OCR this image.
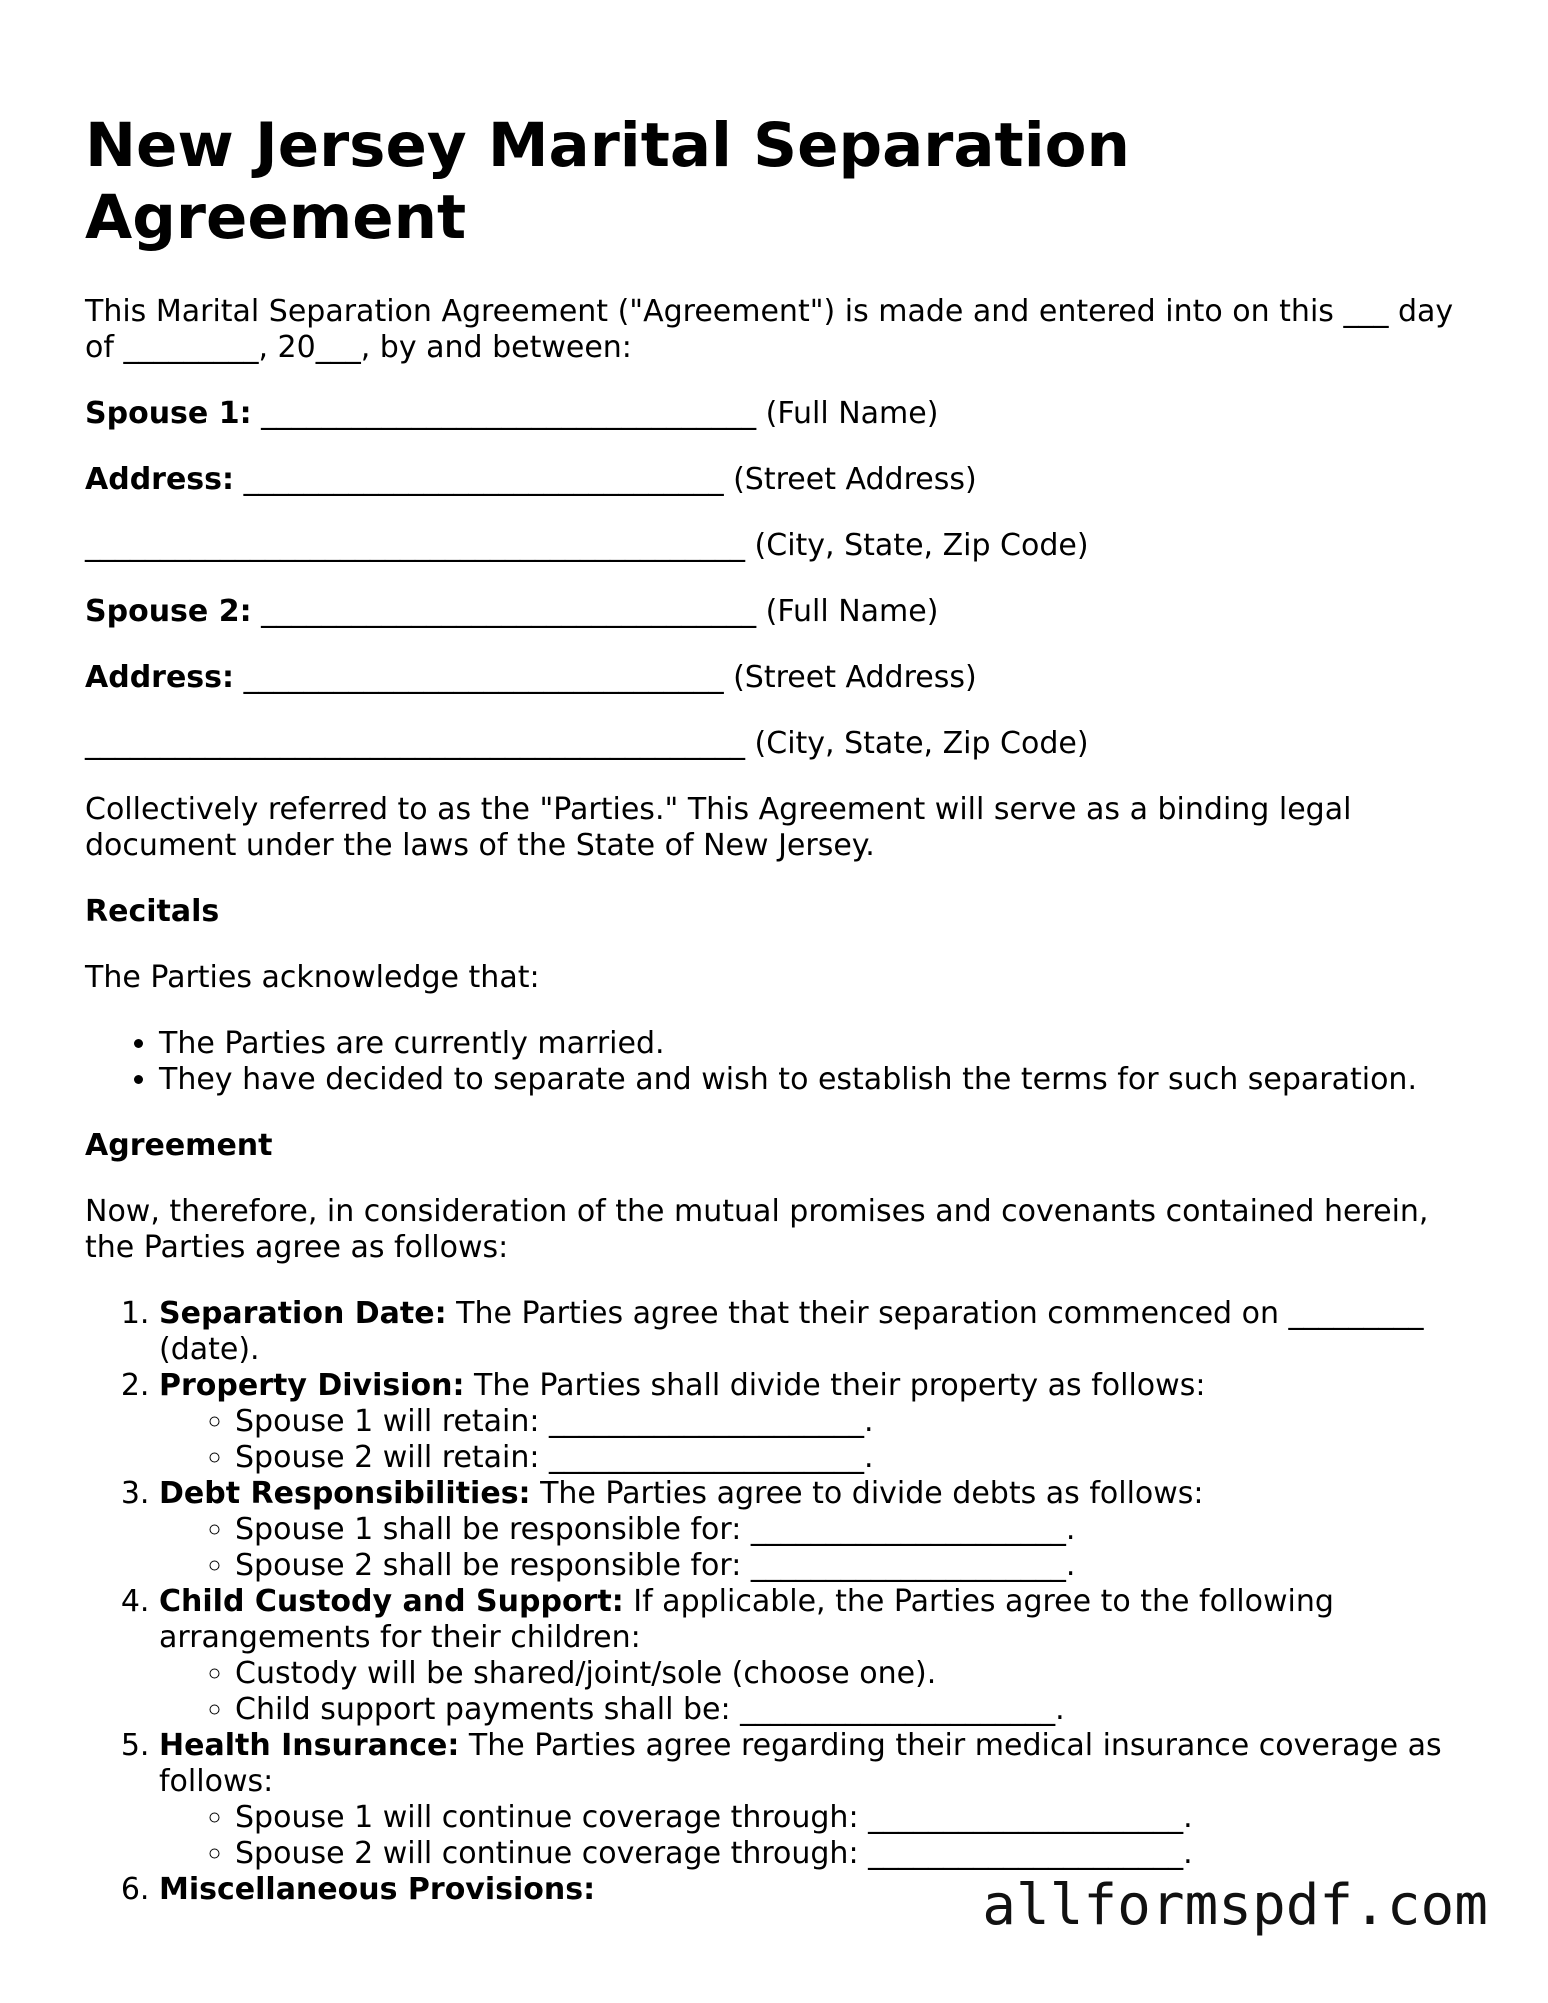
New Jersey Marital Separation Agreement

This Marital Separation Agreement ("Agreement") is made and entered into on this ___ day of _________, 20___, by and between:

Spouse 1: _________________________________ (Full Name)

Address: ________________________________ (Street Address)

____________________________________________ (City, State, Zip Code)

Spouse 2: _________________________________ (Full Name)

Address: ________________________________ (Street Address)

____________________________________________ (City, State, Zip Code)

Collectively referred to as the "Parties." This Agreement will serve as a binding legal document under the laws of the State of New Jersey.

Recitals

The Parties acknowledge that:

• The Parties are currently married.
• They have decided to separate and wish to establish the terms for such separation.
Agreement

Now, therefore, in consideration of the mutual promises and covenants contained herein, the Parties agree as follows:

1. Separation Date: The Parties agree that their separation commenced on _________ (date).
2. Property Division: The Parties shall divide their property as follows:
◦ Spouse 1 will retain: _____________________.
◦ Spouse 2 will retain: _____________________.
3. Debt Responsibilities: The Parties agree to divide debts as follows:
◦ Spouse 1 shall be responsible for: _____________________.
◦ Spouse 2 shall be responsible for: _____________________.
4. Child Custody and Support: If applicable, the Parties agree to the following arrangements for their children:
◦ Custody will be shared/joint/sole (choose one).
◦ Child support payments shall be: _____________________.
5. Health Insurance: The Parties agree regarding their medical insurance coverage as follows:
◦ Spouse 1 will continue coverage through: _____________________.
◦ Spouse 2 will continue coverage through: _____________________.
6. Miscellaneous Provisions:	allformspdf.com
